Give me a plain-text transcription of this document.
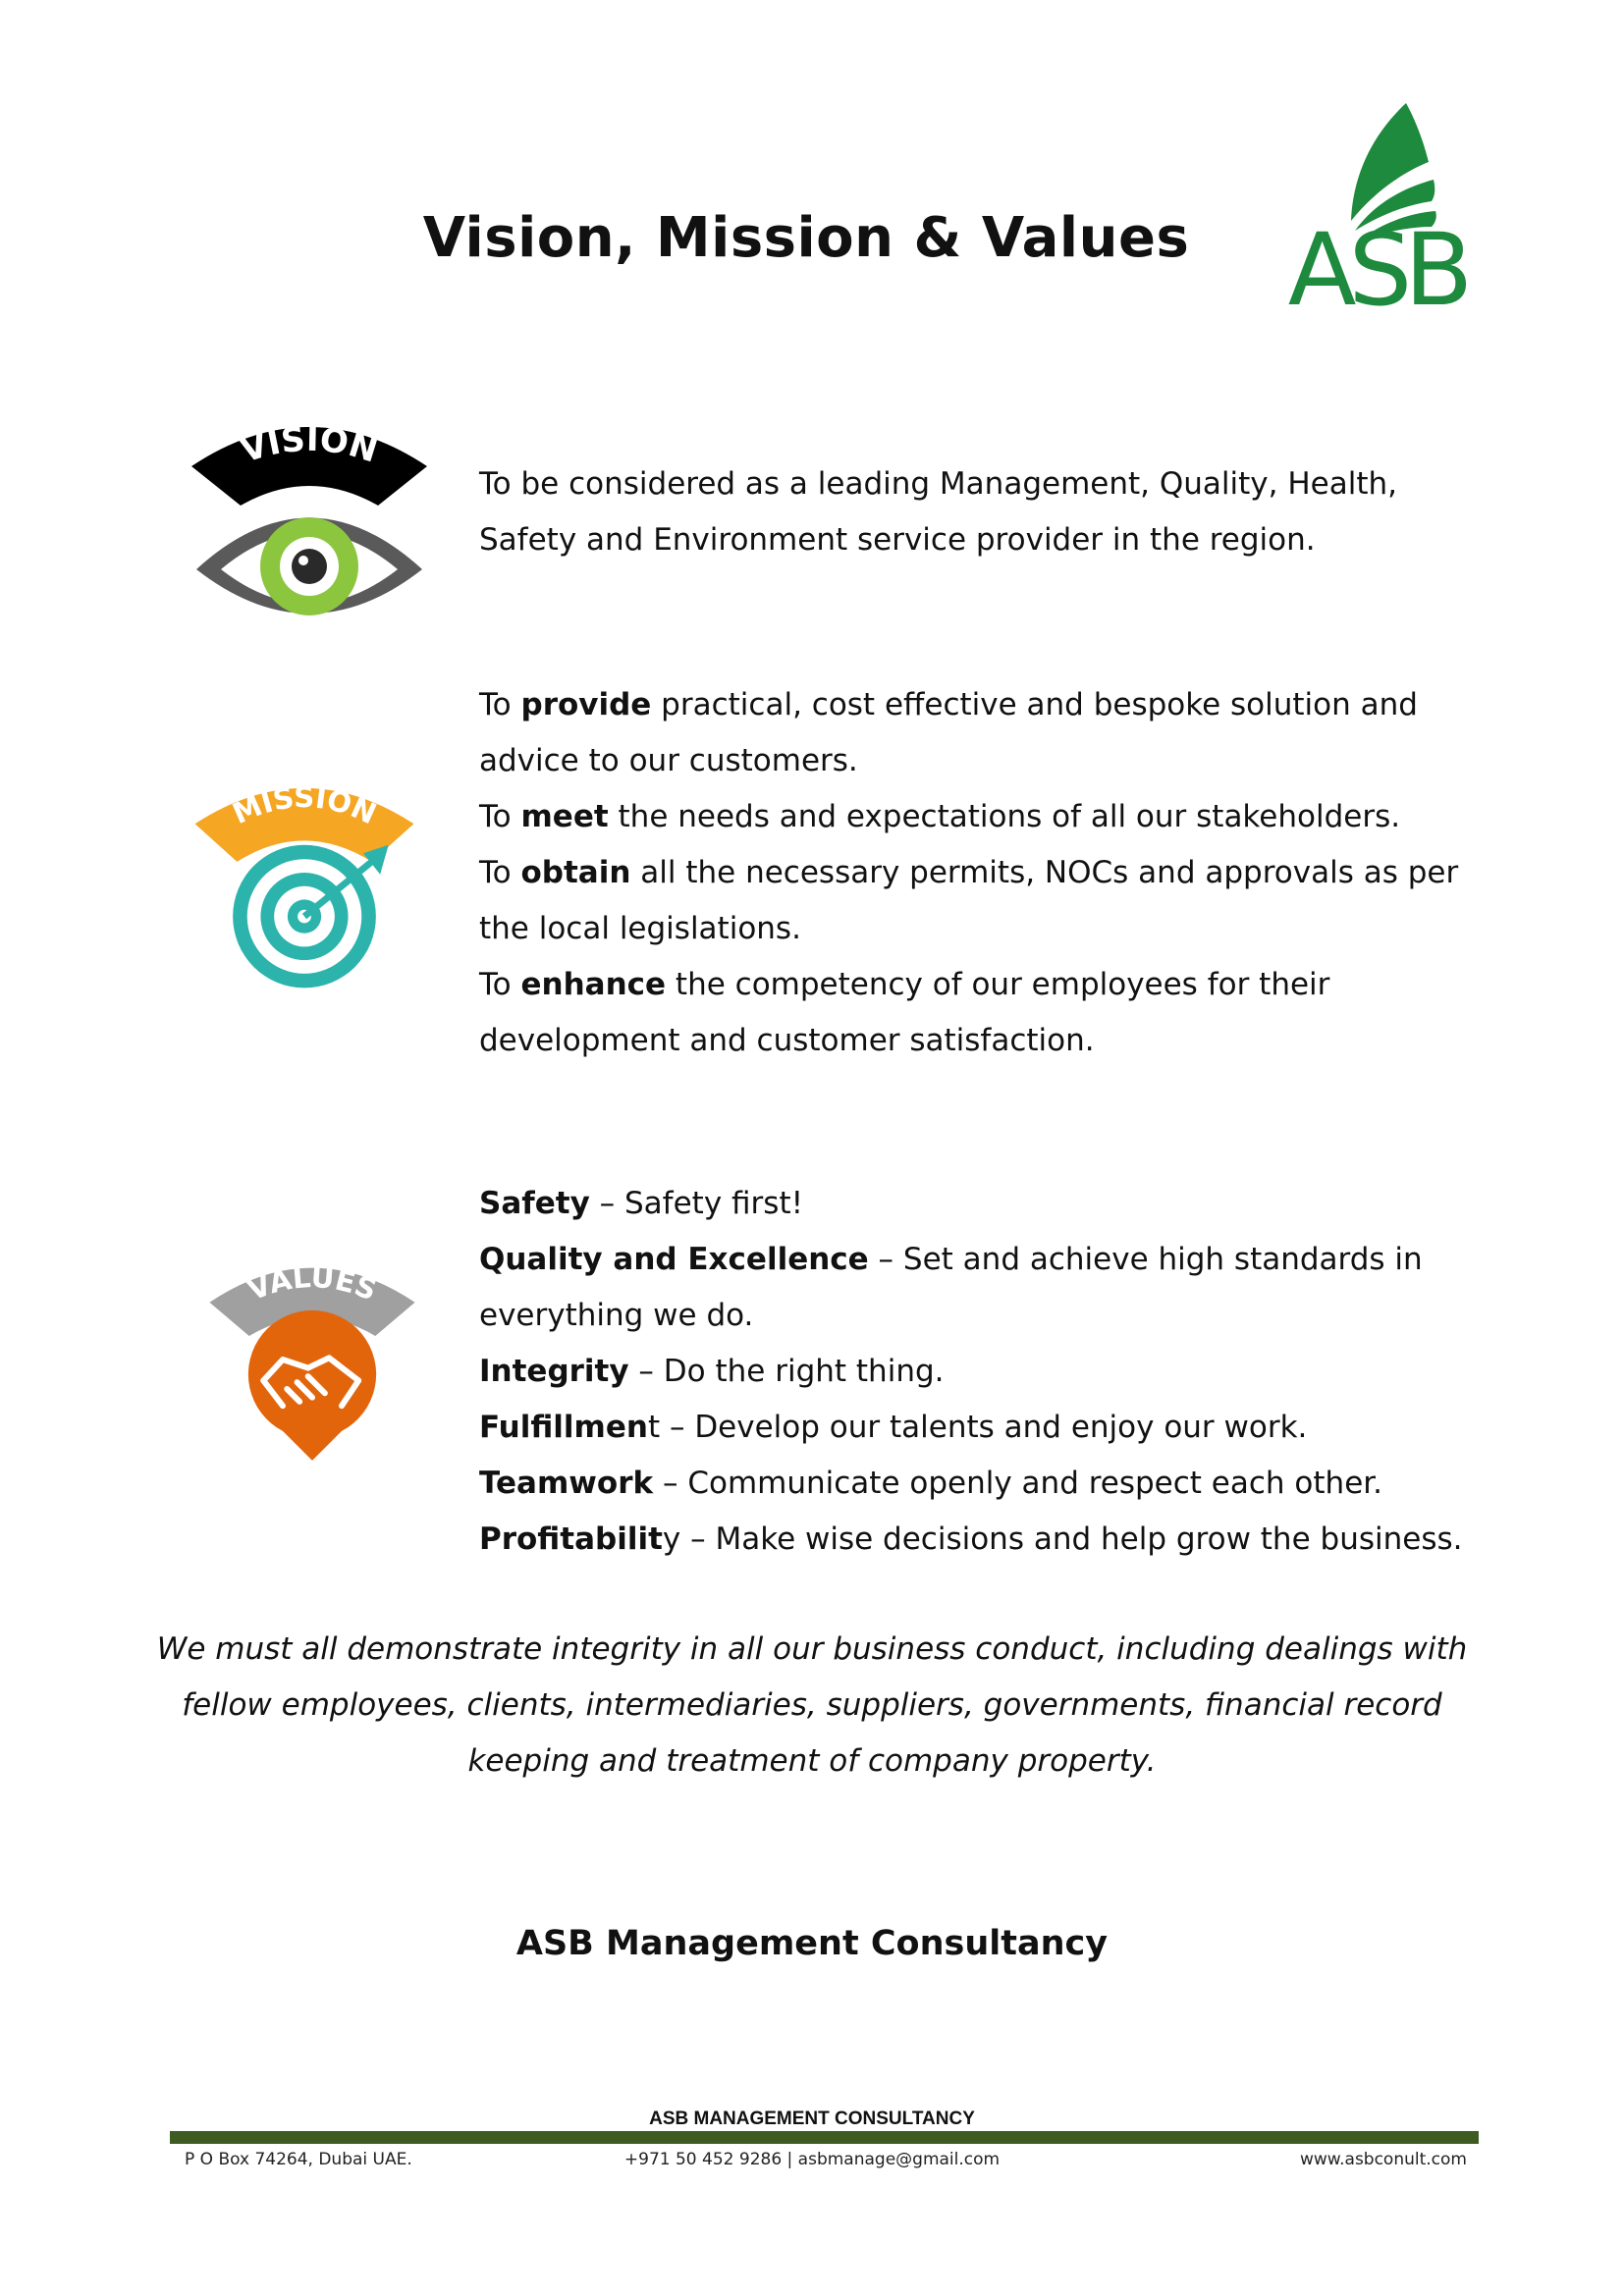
Vision, Mission & Values ASB
VISION

To be considered as a leading Management, Quality, Health, Safety and Environment service provider in the region.

MISSION

To provide practical, cost effective and bespoke solution and advice to our customers.

To meet the needs and expectations of all our stakeholders.

To obtain all the necessary permits, NOCs and approvals as per the local legislations.

To enhance the competency of our employees for their development and customer satisfaction.

VALUES

Safety – Safety first!

Quality and Excellence – Set and achieve high standards in everything we do.

Integrity – Do the right thing.

Fulfillment – Develop our talents and enjoy our work.

Teamwork – Communicate openly and respect each other.

Profitability – Make wise decisions and help grow the business.

We must all demonstrate integrity in all our business conduct, including dealings with fellow employees, clients, intermediaries, suppliers, governments, financial record keeping and treatment of company property.
ASB Management Consultancy
ASB MANAGEMENT CONSULTANCY
P O Box 74264, Dubai UAE.	+971 50 452 9286 | asbmanage@gmail.com	www.asbconult.com
